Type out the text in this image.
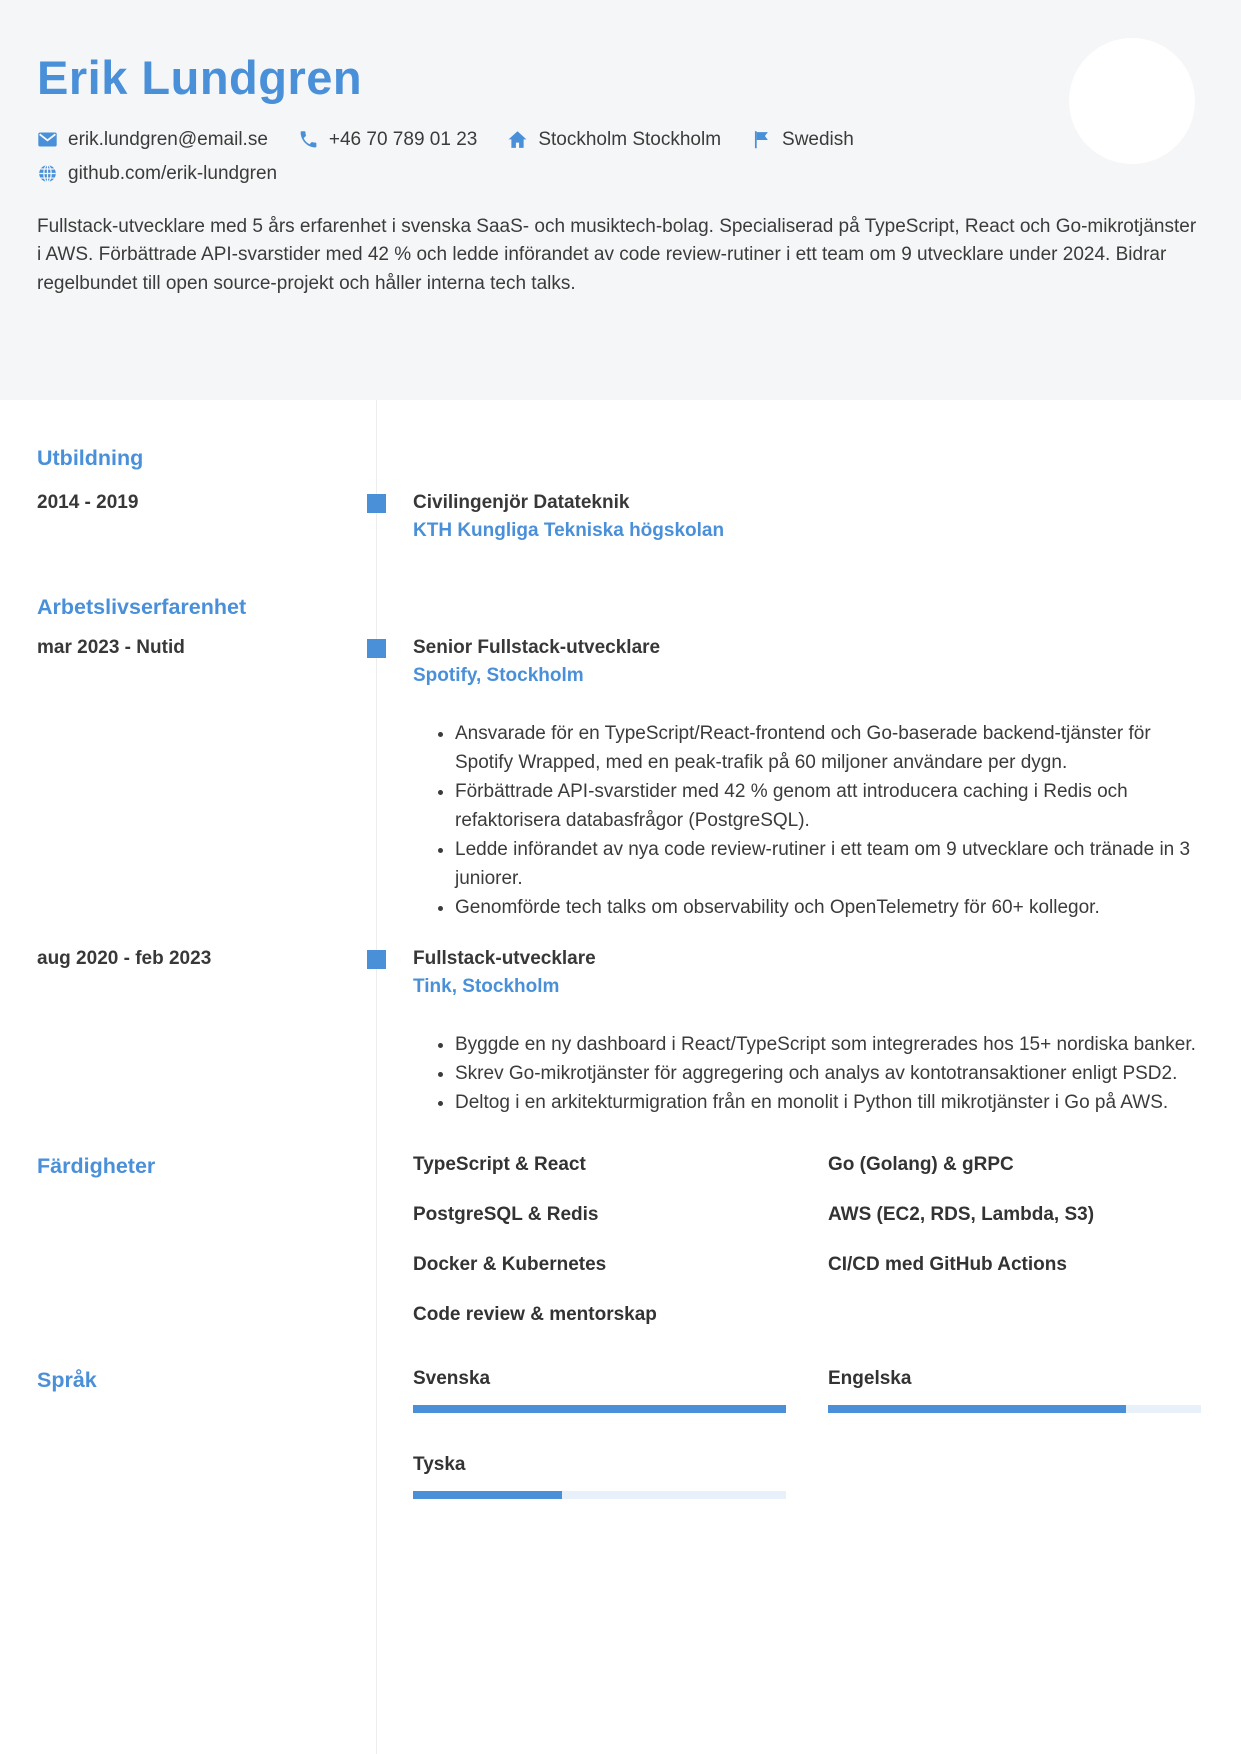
Erik Lundgren
erik.lundgren@email.se	+46 70 789 01 23	Stockholm Stockholm	Swedish
github.com/erik-lundgren

Fullstack-utvecklare med 5 års erfarenhet i svenska SaaS- och musiktech-bolag. Specialiserad på TypeScript, React och Go-mikrotjänster i AWS. Förbättrade API-svarstider med 42 % och ledde införandet av code review-rutiner i ett team om 9 utvecklare under 2024. Bidrar regelbundet till open source-projekt och håller interna tech talks.

Utbildning
2014 - 2019	Civilingenjör Datateknik
KTH Kungliga Tekniska högskolan
Arbetslivserfarenhet
mar 2023 - Nutid	Senior Fullstack-utvecklare
Spotify, Stockholm
• Ansvarade för en TypeScript/React-frontend och Go-baserade backend-tjänster för Spotify Wrapped, med en peak-trafik på 60 miljoner användare per dygn.
• Förbättrade API-svarstider med 42 % genom att introducera caching i Redis och refaktorisera databasfrågor (PostgreSQL).
• Ledde införandet av nya code review-rutiner i ett team om 9 utvecklare och tränade in 3 juniorer.
• Genomförde tech talks om observability och OpenTelemetry för 60+ kollegor.
aug 2020 - feb 2023	Fullstack-utvecklare
Tink, Stockholm
• Byggde en ny dashboard i React/TypeScript som integrerades hos 15+ nordiska banker.
• Skrev Go-mikrotjänster för aggregering och analys av kontotransaktioner enligt PSD2.
• Deltog i en arkitekturmigration från en monolit i Python till mikrotjänster i Go på AWS.
Färdigheter	TypeScript & React	Go (Golang) & gRPC
PostgreSQL & Redis	AWS (EC2, RDS, Lambda, S3)
Docker & Kubernetes	CI/CD med GitHub Actions
Code review & mentorskap
Språk	Svenska	Engelska
Tyska
